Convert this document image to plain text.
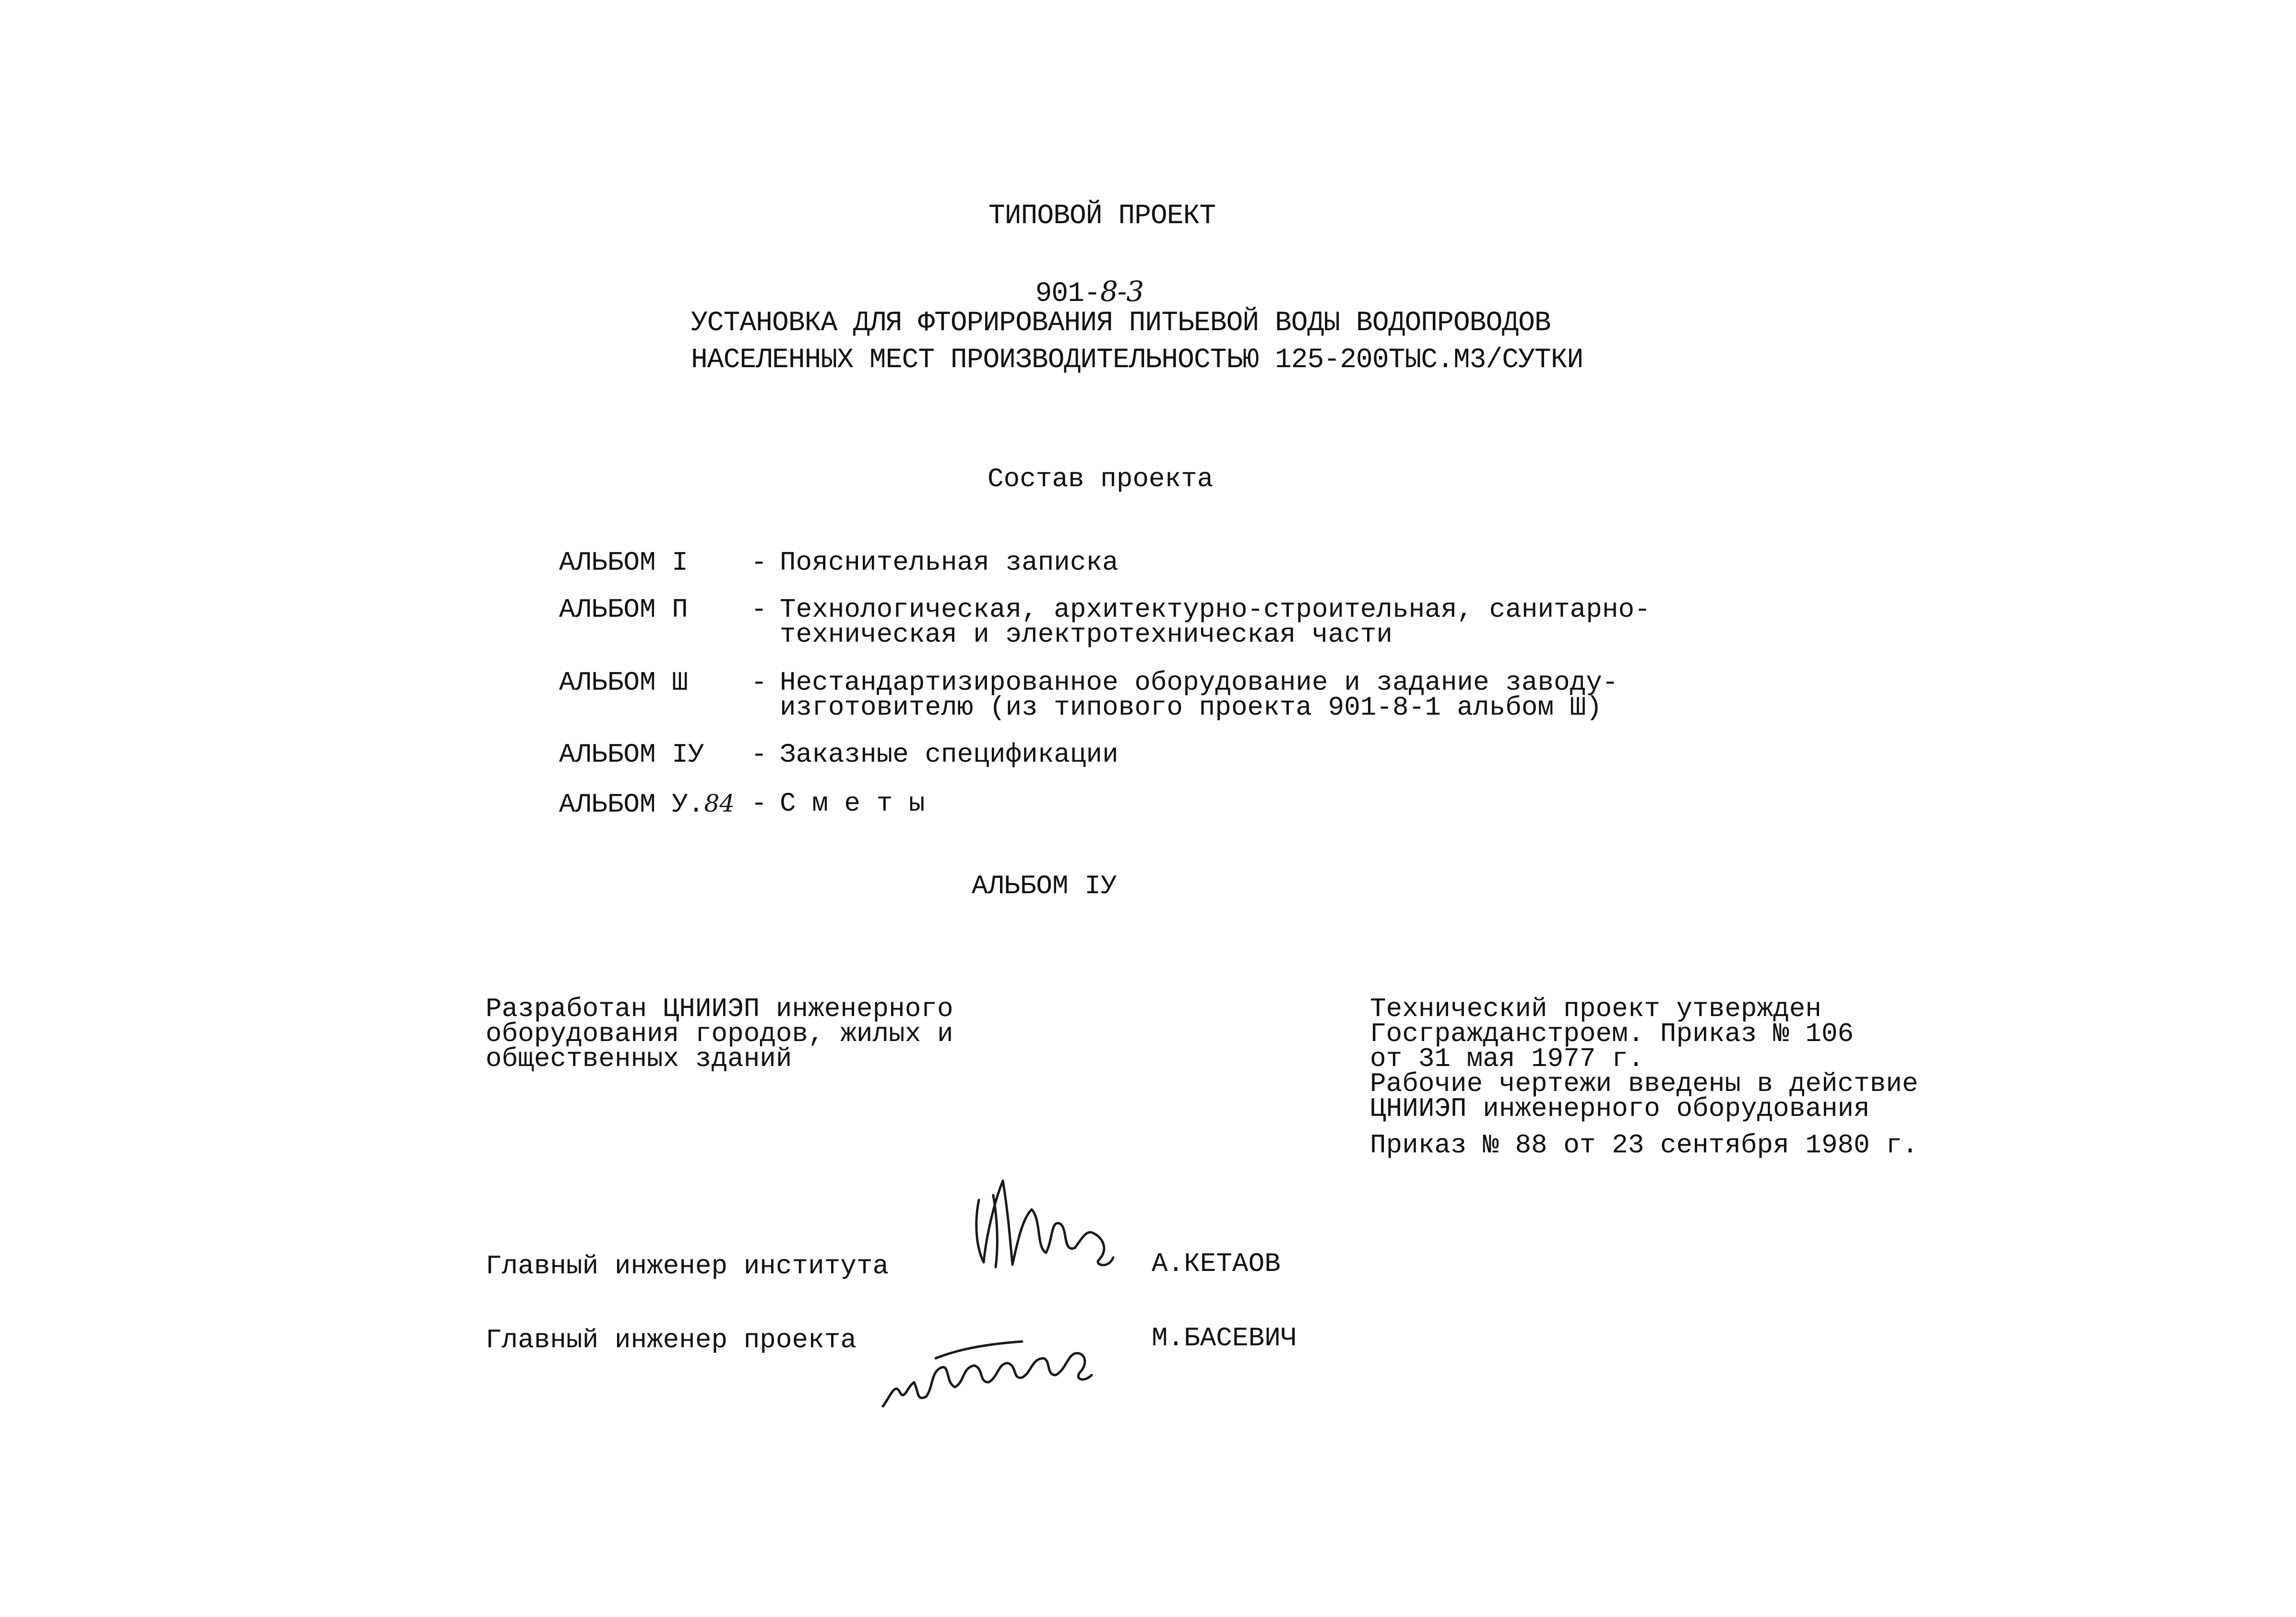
ТИПОВОЙ ПРОЕКТ

901-8-3

УСТАНОВКА ДЛЯ ФТОРИРОВАНИЯ ПИТЬЕВОЙ ВОДЫ ВОДОПРОВОДОВ
НАСЕЛЕННЫХ МЕСТ ПРОИЗВОДИТЕЛЬНОСТЬЮ 125-200ТЫС.М3/СУТКИ
Состав проекта
АЛЬБОМ I - Пояснительная записка
АЛЬБОМ П - Технологическая, архитектурно-строительная, санитарно-
техническая и электротехническая части
АЛЬБОМ Ш - Нестандартизированное оборудование и задание заводу-
изготовителю (из типового проекта 901-8-1 альбом Ш)
АЛЬБОМ IУ - Заказные спецификации
АЛЬБОМ У.84 - С м е т ы
АЛЬБОМ IУ
Разработан ЦНИИЭП инженерного
оборудования городов, жилых и
общественных зданий
Технический проект утвержден
Госгражданстроем. Приказ № 106
от 31 мая 1977 г.
Рабочие чертежи введены в действие
ЦНИИЭП инженерного оборудования
Приказ № 88 от 23 сентября 1980 г.
Главный инженер института	А.КЕТАОВ
Главный инженер проекта	М.БАСЕВИЧ
